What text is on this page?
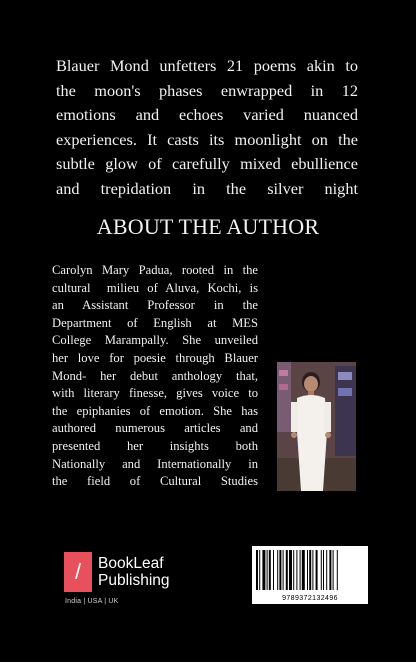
Blauer Mond unfetters 21 poems akin to
the moon's phases enwrapped in 12
emotions and echoes varied nuanced
experiences. It casts its moonlight on the
subtle glow of carefully mixed ebullience
and trepidation in the silver night
ABOUT THE AUTHOR
Carolyn Mary Padua, rooted in the
cultural  milieu of Aluva, Kochi, is
an Assistant Professor in the
Department of English at MES
College Marampally. She unveiled
her love for poesie through Blauer
Mond- her debut anthology that,
with literary finesse, gives voice to
the epiphanies of emotion. She has
authored numerous articles and
presented her insights both
Nationally and Internationally in
the field of Cultural Studies
/	BookLeaf
Publishing
India | USA | UK	9789372132496
